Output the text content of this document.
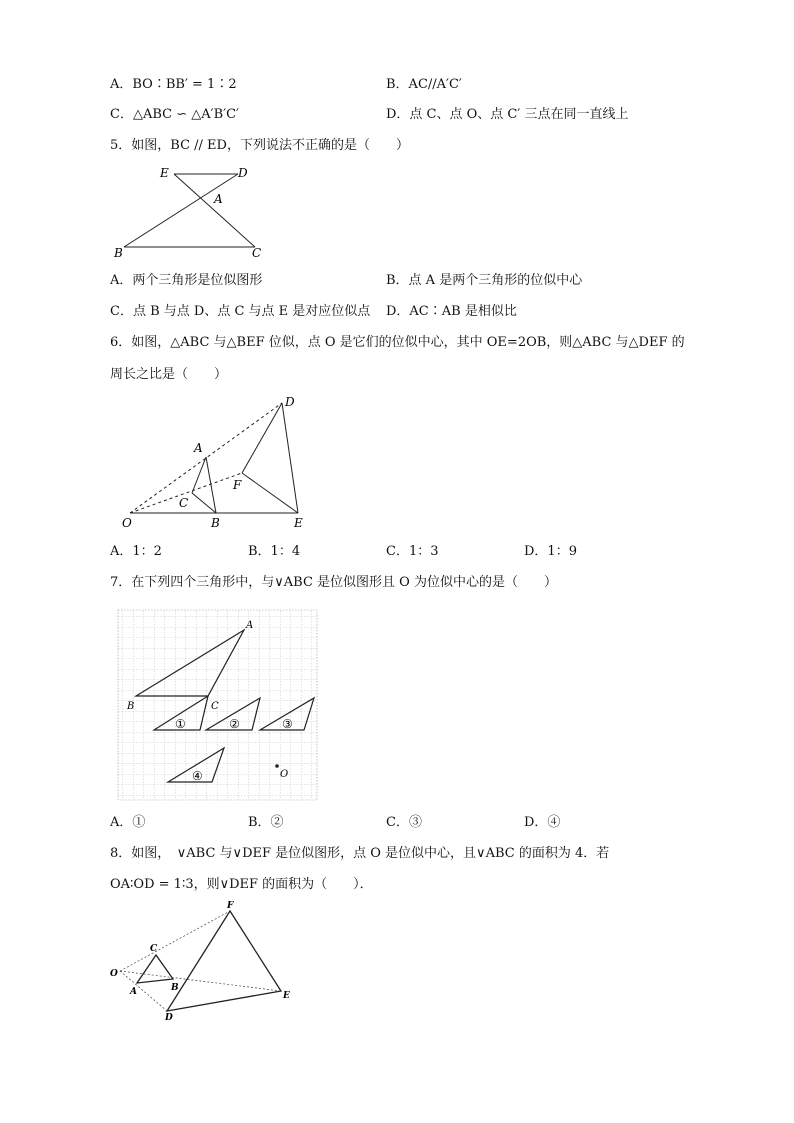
A．BO∶BB′ = 1∶2	B．AC//A′C′
C．△ABC ∽ △A′B′C′	D．点 C、点 O、点 C′ 三点在同一直线上
5．如图，BC // ED，下列说法不正确的是（　　）
E	D
A
B	C
A．两个三角形是位似图形	B．点 A 是两个三角形的位似中心
C．点 B 与点 D、点 C 与点 E 是对应位似点 D．AC∶AB 是相似比
6．如图，△ABC 与△BEF 位似，点 O 是它们的位似中心，其中 OE=2OB，则△ABC 与△DEF 的
周长之比是（　　）
D
A
F
C
O	B	E
A．1：2	B．1：4	C．1：3	D．1：9
7．在下列四个三角形中，与∨ABC 是位似图形且 O 为位似中心的是（　　）
A
B	C
O
①	②	③
④
A．①	B．②	C．③	D．④
8．如图，　∨ABC 与∨DEF 是位似图形，点 O 是位似中心，且∨ABC 的面积为 4．若
OA∶OD = 1∶3，则∨DEF 的面积为（　　）．
F
C
O
A	B
E
D
